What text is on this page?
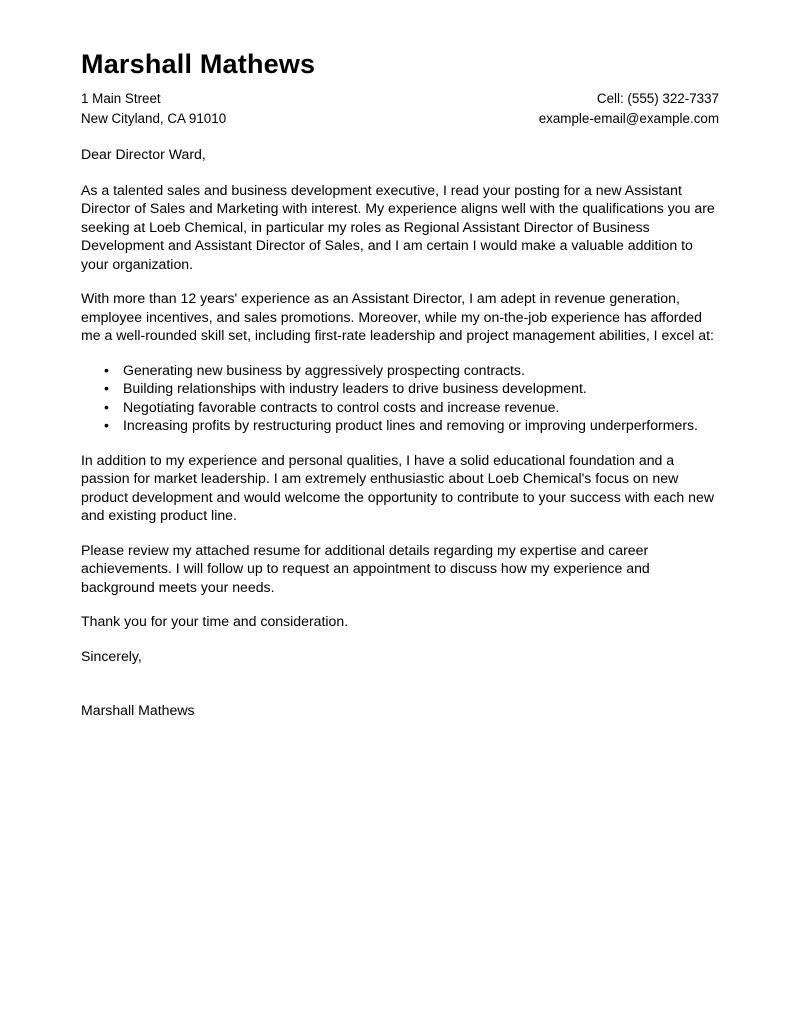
Marshall Mathews
1 Main Street	Cell: (555) 322-7337
New Cityland, CA 91010	example-email@example.com

Dear Director Ward,

As a talented sales and business development executive, I read your posting for a new Assistant Director of Sales and Marketing with interest. My experience aligns well with the qualifications you are seeking at Loeb Chemical, in particular my roles as Regional Assistant Director of Business Development and Assistant Director of Sales, and I am certain I would make a valuable addition to your organization.

With more than 12 years' experience as an Assistant Director, I am adept in revenue generation, employee incentives, and sales promotions. Moreover, while my on-the-job experience has afforded me a well-rounded skill set, including first-rate leadership and project management abilities, I excel at:

• Generating new business by aggressively prospecting contracts.
• Building relationships with industry leaders to drive business development.
• Negotiating favorable contracts to control costs and increase revenue.
• Increasing profits by restructuring product lines and removing or improving underperformers.

In addition to my experience and personal qualities, I have a solid educational foundation and a passion for market leadership. I am extremely enthusiastic about Loeb Chemical's focus on new product development and would welcome the opportunity to contribute to your success with each new and existing product line.

Please review my attached resume for additional details regarding my expertise and career achievements. I will follow up to request an appointment to discuss how my experience and background meets your needs.

Thank you for your time and consideration.

Sincerely,

Marshall Mathews
